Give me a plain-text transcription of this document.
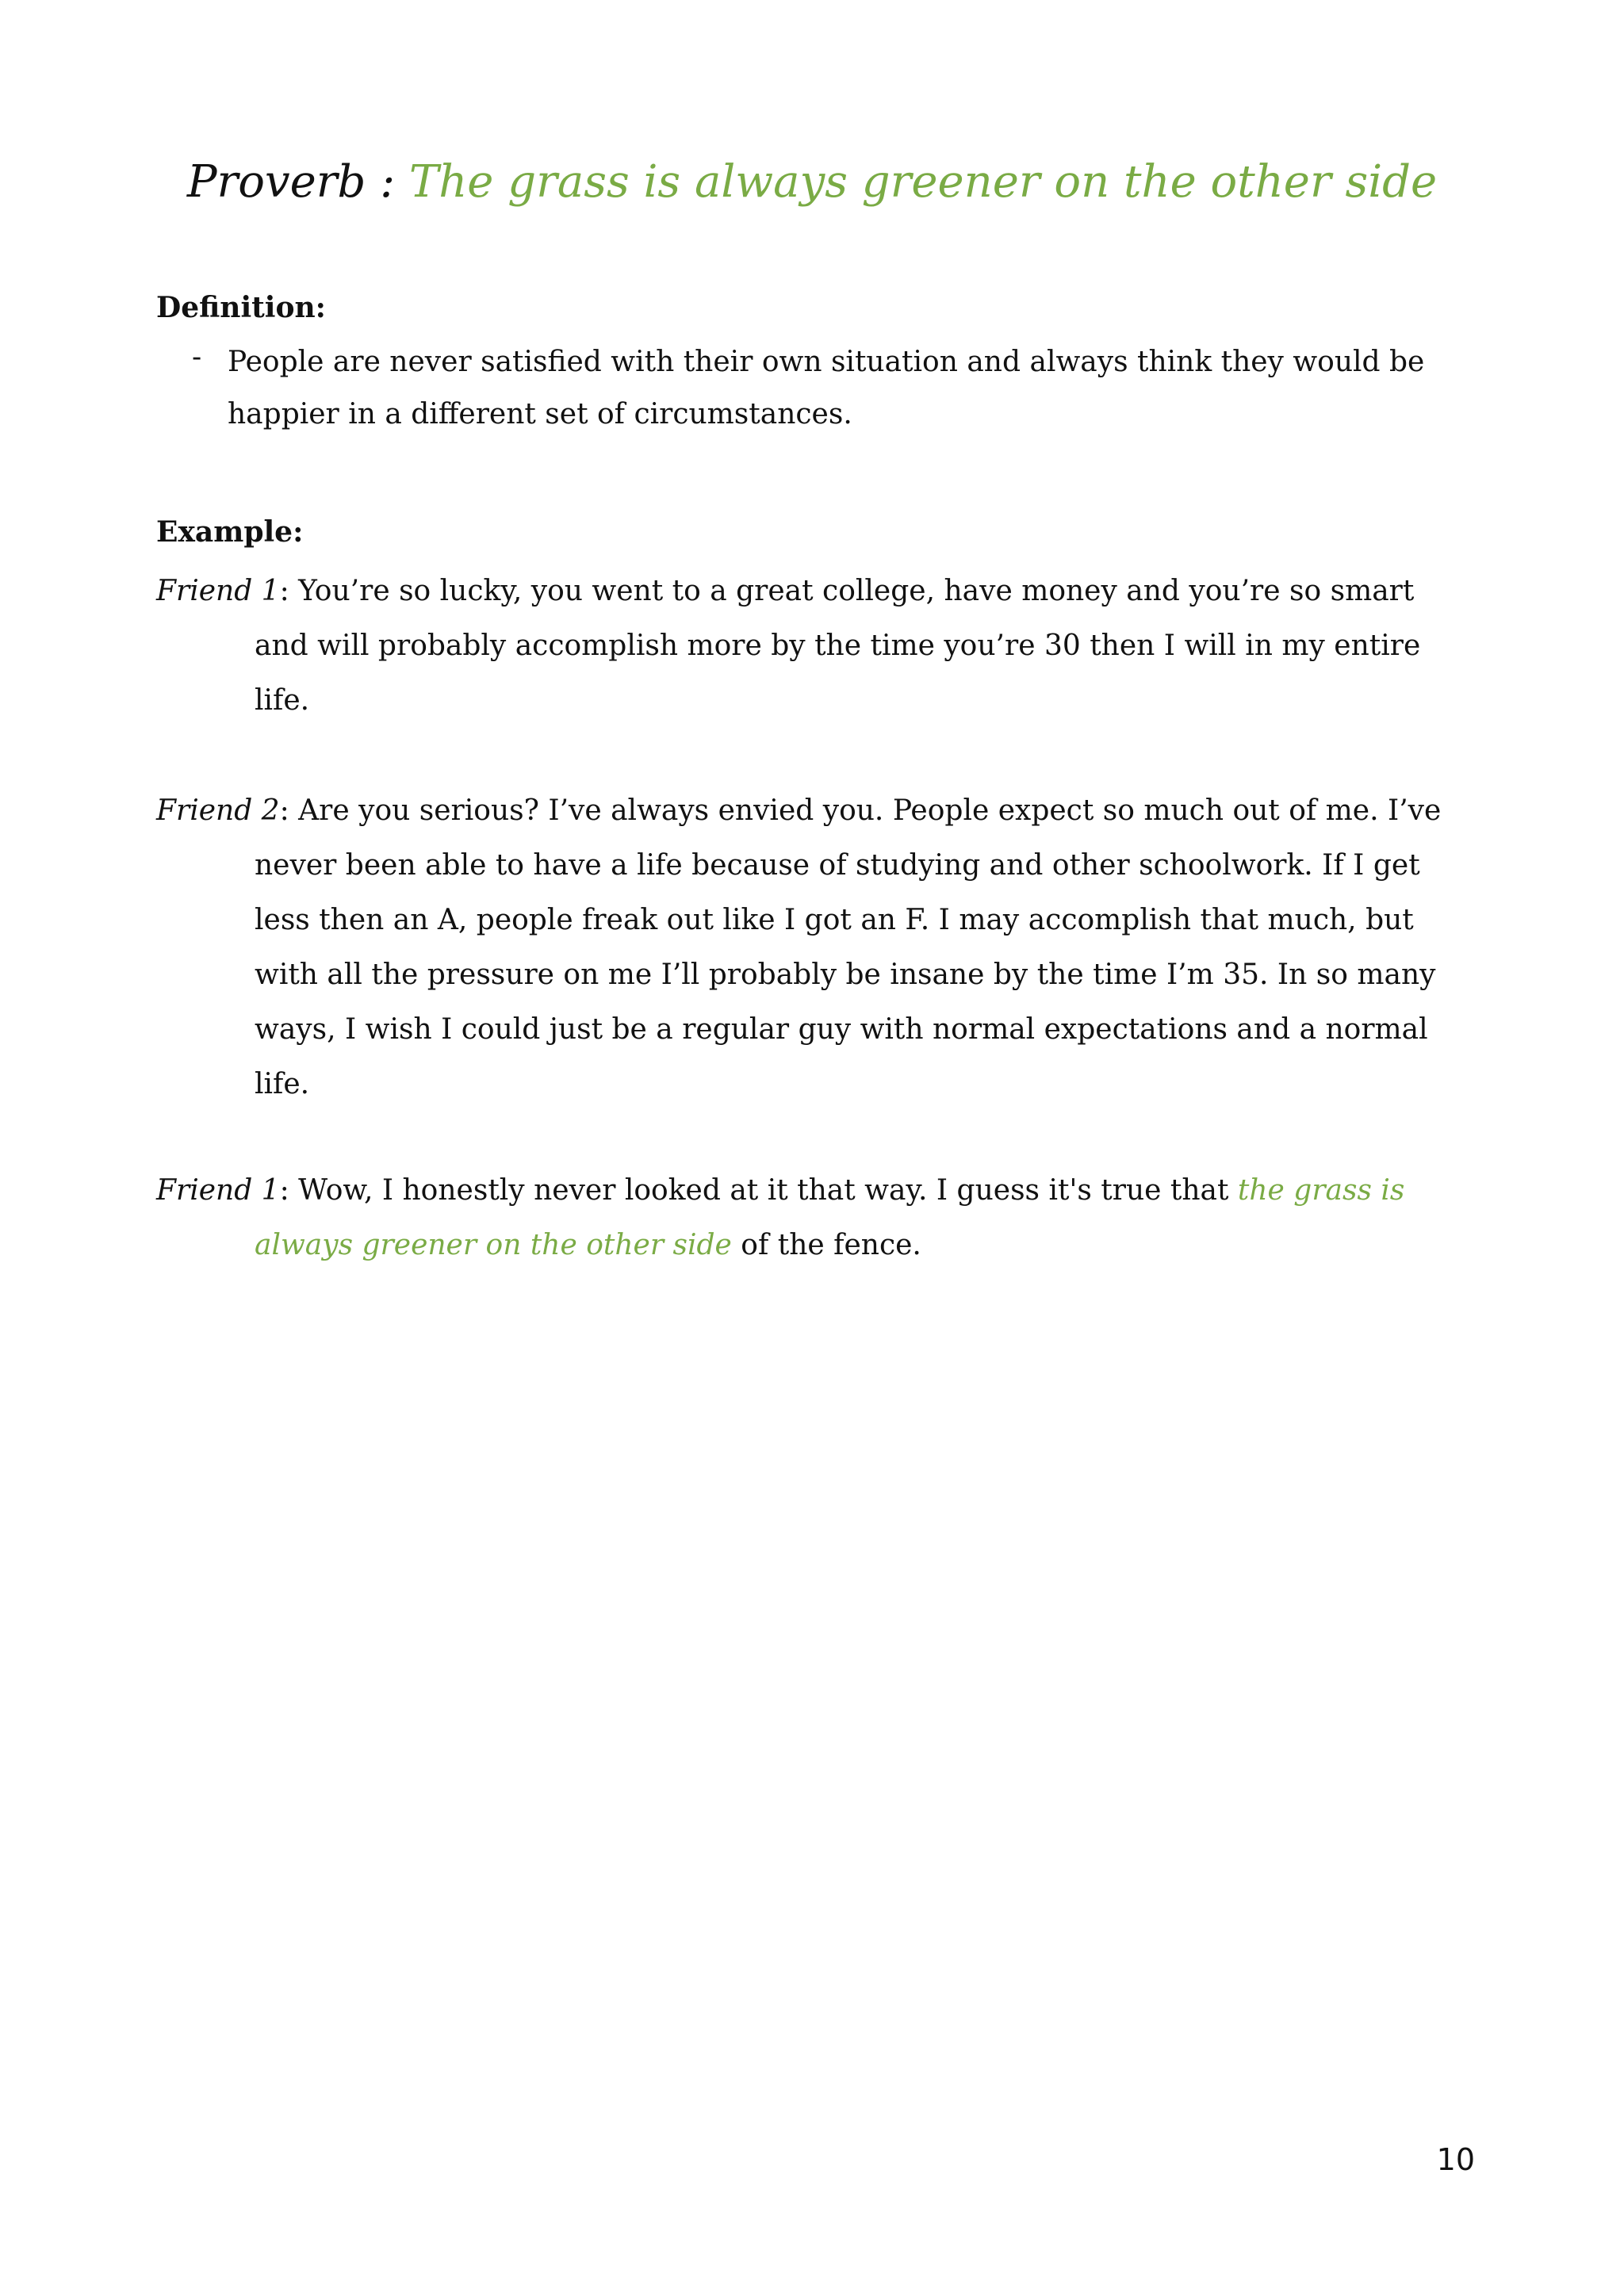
Proverb : The grass is always greener on the other side
Definition:
- People are never satisfied with their own situation and always think they would be happier in a different set of circumstances.
Example:
Friend 1: You’re so lucky, you went to a great college, have money and you’re so smart and will probably accomplish more by the time you’re 30 then I will in my entire life.
Friend 2: Are you serious? I’ve always envied you. People expect so much out of me. I’ve never been able to have a life because of studying and other schoolwork. If I get less then an A, people freak out like I got an F. I may accomplish that much, but with all the pressure on me I’ll probably be insane by the time I’m 35. In so many ways, I wish I could just be a regular guy with normal expectations and a normal life.
Friend 1: Wow, I honestly never looked at it that way. I guess it's true that the grass is always greener on the other side of the fence.
10
